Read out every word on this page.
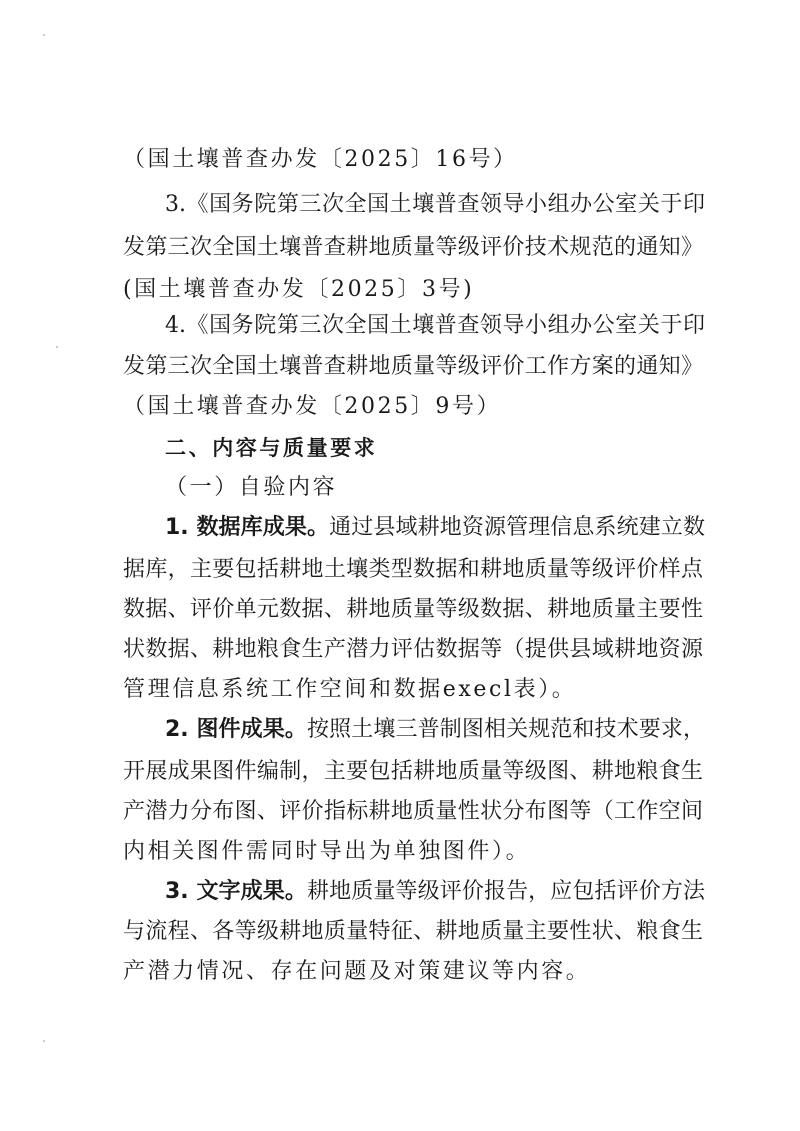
（国土壤普查办发〔2025〕16号）
3.《国务院第三次全国土壤普查领导小组办公室关于印
发第三次全国土壤普查耕地质量等级评价技术规范的通知》
(国土壤普查办发〔2025〕3号)
4.《国务院第三次全国土壤普查领导小组办公室关于印
发第三次全国土壤普查耕地质量等级评价工作方案的通知》
（国土壤普查办发〔2025〕9号）
二、内容与质量要求
（一）自验内容
1. 数据库成果。通过县域耕地资源管理信息系统建立数
据库，主要包括耕地土壤类型数据和耕地质量等级评价样点
数据、评价单元数据、耕地质量等级数据、耕地质量主要性
状数据、耕地粮食生产潜力评估数据等（提供县域耕地资源
管理信息系统工作空间和数据execl表）。
2. 图件成果。按照土壤三普制图相关规范和技术要求，
开展成果图件编制，主要包括耕地质量等级图、耕地粮食生
产潜力分布图、评价指标耕地质量性状分布图等（工作空间
内相关图件需同时导出为单独图件）。
3. 文字成果。耕地质量等级评价报告，应包括评价方法
与流程、各等级耕地质量特征、耕地质量主要性状、粮食生
产潜力情况、存在问题及对策建议等内容。
